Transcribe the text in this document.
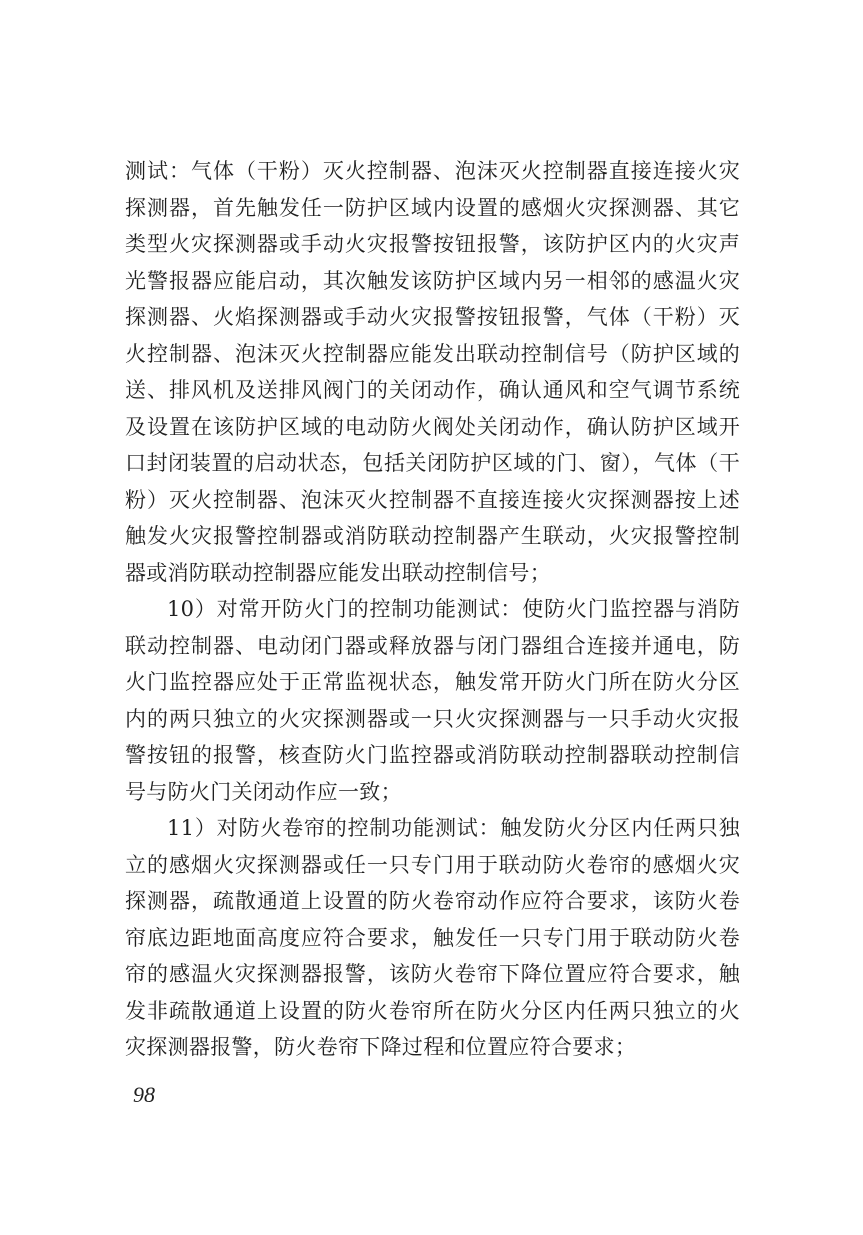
测试：气体（干粉）灭火控制器、泡沫灭火控制器直接连接火灾探测器，首先触发任一防护区域内设置的感烟火灾探测器、其它类型火灾探测器或手动火灾报警按钮报警，该防护区内的火灾声光警报器应能启动，其次触发该防护区域内另一相邻的感温火灾探测器、火焰探测器或手动火灾报警按钮报警，气体（干粉）灭火控制器、泡沫灭火控制器应能发出联动控制信号（防护区域的送、排风机及送排风阀门的关闭动作，确认通风和空气调节系统及设置在该防护区域的电动防火阀处关闭动作，确认防护区域开口封闭装置的启动状态，包括关闭防护区域的门、窗），气体（干粉）灭火控制器、泡沫灭火控制器不直接连接火灾探测器按上述触发火灾报警控制器或消防联动控制器产生联动，火灾报警控制器或消防联动控制器应能发出联动控制信号；

10）对常开防火门的控制功能测试：使防火门监控器与消防联动控制器、电动闭门器或释放器与闭门器组合连接并通电，防火门监控器应处于正常监视状态，触发常开防火门所在防火分区内的两只独立的火灾探测器或一只火灾探测器与一只手动火灾报警按钮的报警，核查防火门监控器或消防联动控制器联动控制信号与防火门关闭动作应一致；

11）对防火卷帘的控制功能测试：触发防火分区内任两只独立的感烟火灾探测器或任一只专门用于联动防火卷帘的感烟火灾探测器，疏散通道上设置的防火卷帘动作应符合要求，该防火卷帘底边距地面高度应符合要求，触发任一只专门用于联动防火卷帘的感温火灾探测器报警，该防火卷帘下降位置应符合要求，触发非疏散通道上设置的防火卷帘所在防火分区内任两只独立的火灾探测器报警，防火卷帘下降过程和位置应符合要求；

98
